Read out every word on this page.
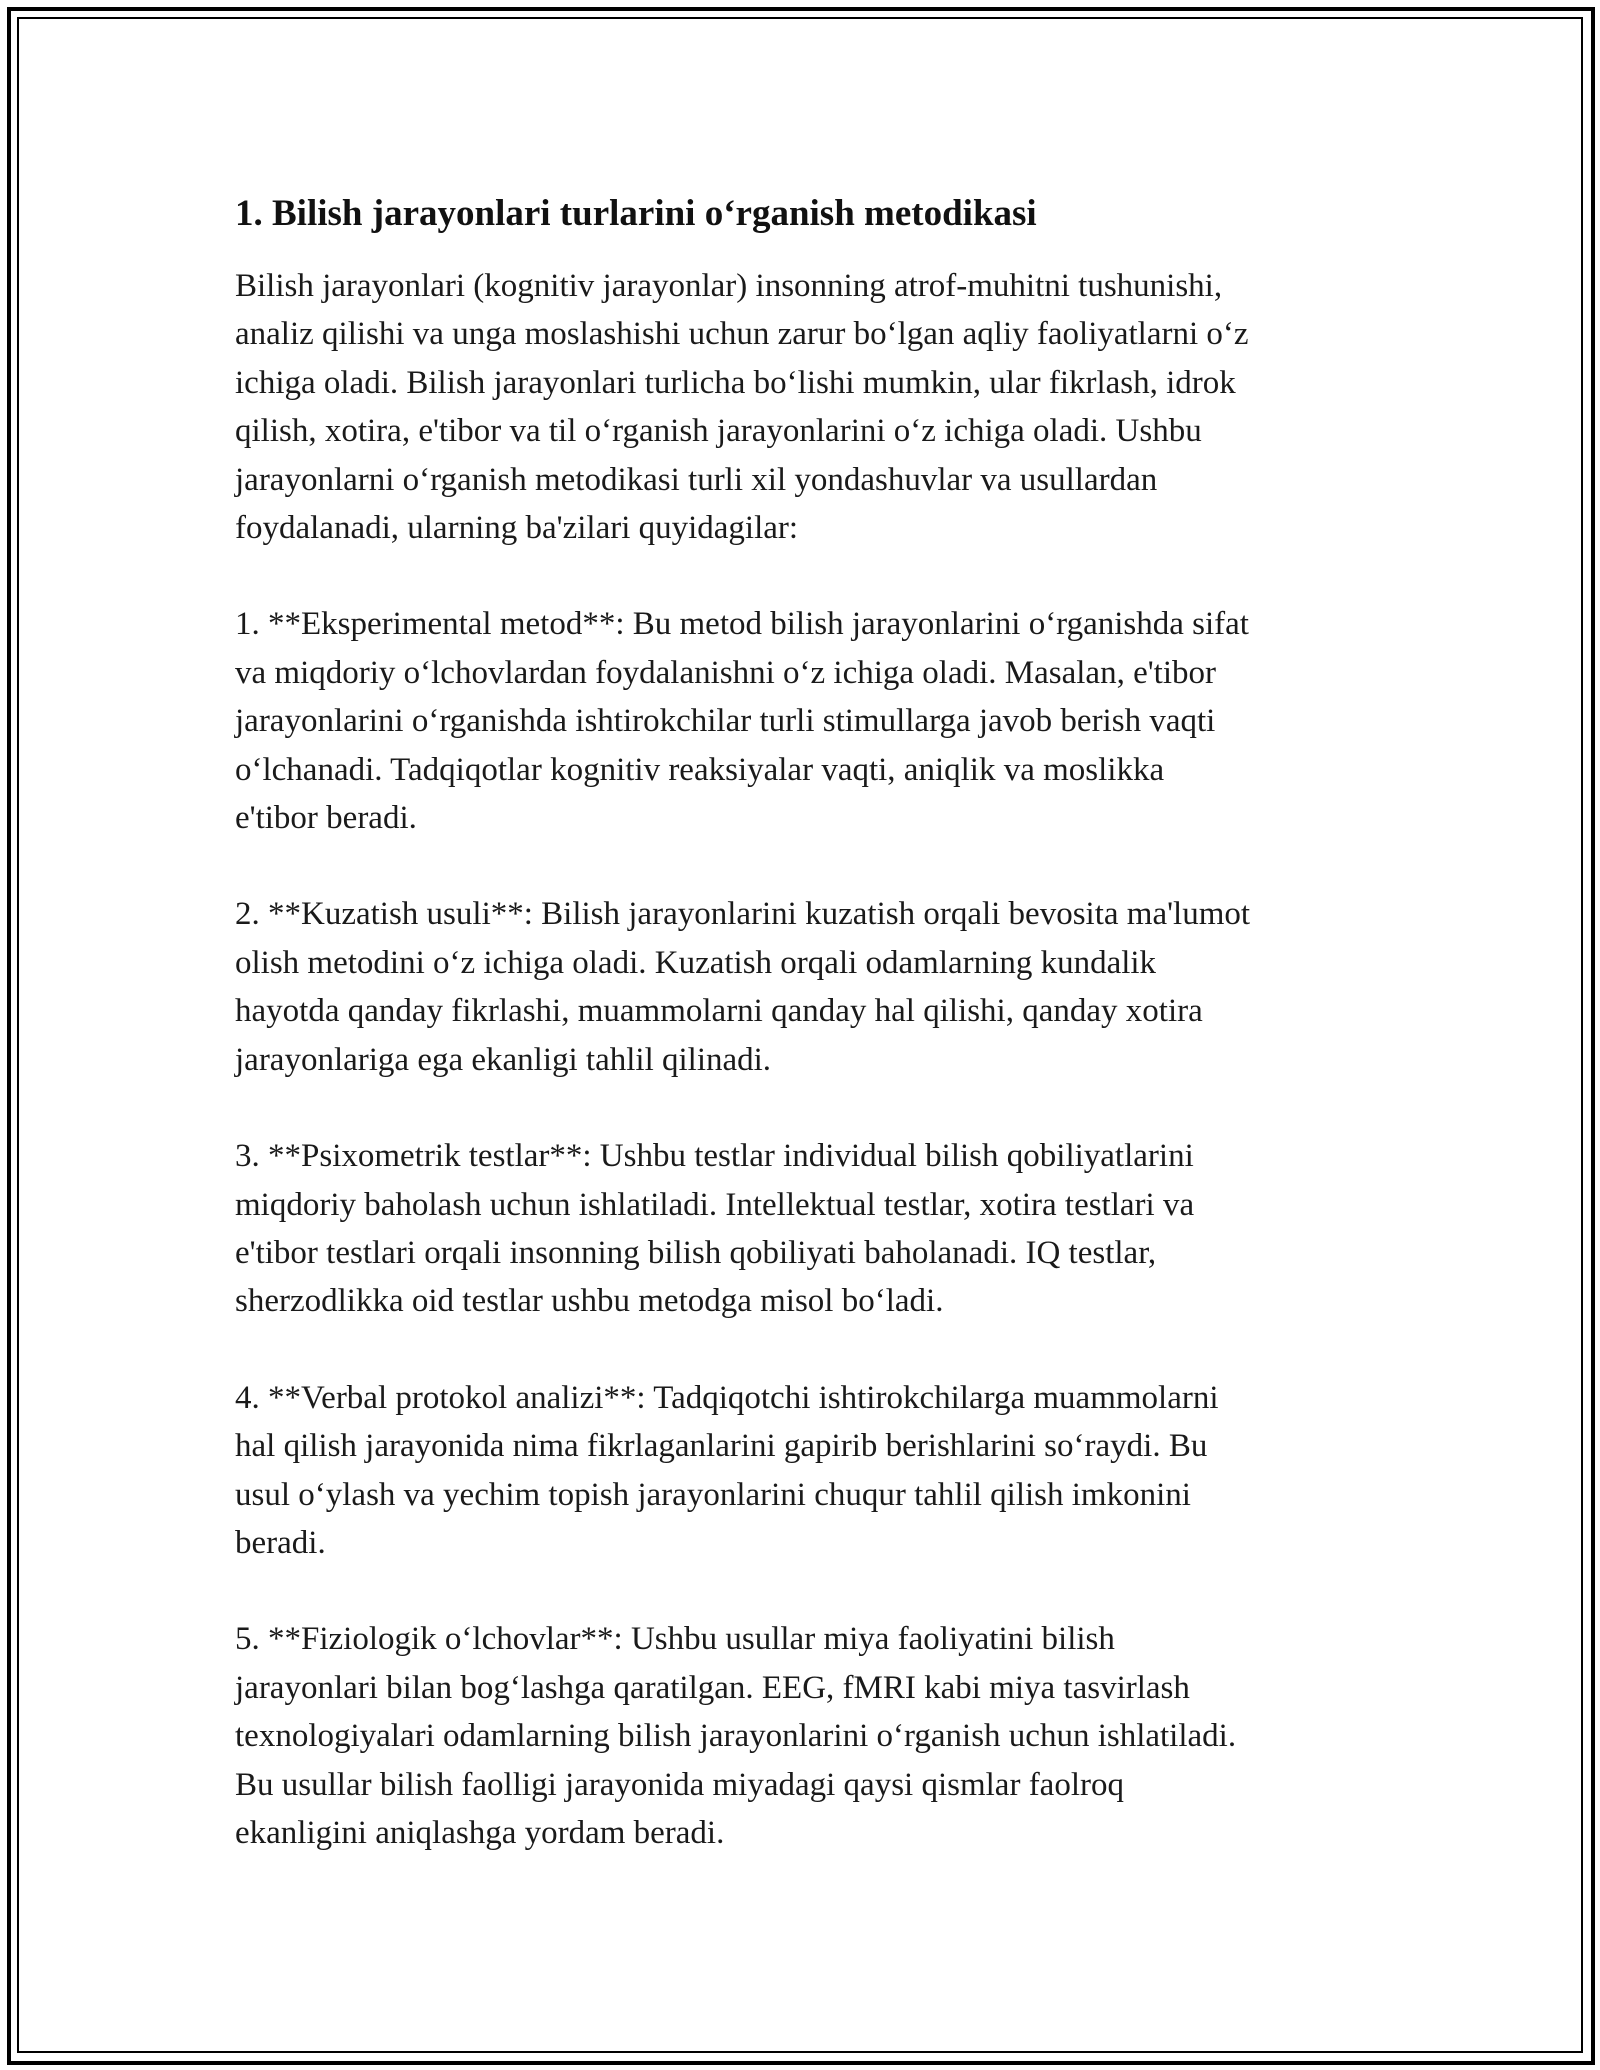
1. Bilish jarayonlari turlarini o‘rganish metodikasi

Bilish jarayonlari (kognitiv jarayonlar) insonning atrof-muhitni tushunishi,
analiz qilishi va unga moslashishi uchun zarur bo‘lgan aqliy faoliyatlarni o‘z
ichiga oladi. Bilish jarayonlari turlicha bo‘lishi mumkin, ular fikrlash, idrok
qilish, xotira, e'tibor va til o‘rganish jarayonlarini o‘z ichiga oladi. Ushbu
jarayonlarni o‘rganish metodikasi turli xil yondashuvlar va usullardan
foydalanadi, ularning ba'zilari quyidagilar:

1. **Eksperimental metod**: Bu metod bilish jarayonlarini o‘rganishda sifat
va miqdoriy o‘lchovlardan foydalanishni o‘z ichiga oladi. Masalan, e'tibor
jarayonlarini o‘rganishda ishtirokchilar turli stimullarga javob berish vaqti
o‘lchanadi. Tadqiqotlar kognitiv reaksiyalar vaqti, aniqlik va moslikka
e'tibor beradi.

2. **Kuzatish usuli**: Bilish jarayonlarini kuzatish orqali bevosita ma'lumot
olish metodini o‘z ichiga oladi. Kuzatish orqali odamlarning kundalik
hayotda qanday fikrlashi, muammolarni qanday hal qilishi, qanday xotira
jarayonlariga ega ekanligi tahlil qilinadi.

3. **Psixometrik testlar**: Ushbu testlar individual bilish qobiliyatlarini
miqdoriy baholash uchun ishlatiladi. Intellektual testlar, xotira testlari va
e'tibor testlari orqali insonning bilish qobiliyati baholanadi. IQ testlar,
sherzodlikka oid testlar ushbu metodga misol bo‘ladi.

4. **Verbal protokol analizi**: Tadqiqotchi ishtirokchilarga muammolarni
hal qilish jarayonida nima fikrlaganlarini gapirib berishlarini so‘raydi. Bu
usul o‘ylash va yechim topish jarayonlarini chuqur tahlil qilish imkonini
beradi.

5. **Fiziologik o‘lchovlar**: Ushbu usullar miya faoliyatini bilish
jarayonlari bilan bog‘lashga qaratilgan. EEG, fMRI kabi miya tasvirlash
texnologiyalari odamlarning bilish jarayonlarini o‘rganish uchun ishlatiladi.
Bu usullar bilish faolligi jarayonida miyadagi qaysi qismlar faolroq
ekanligini aniqlashga yordam beradi.
